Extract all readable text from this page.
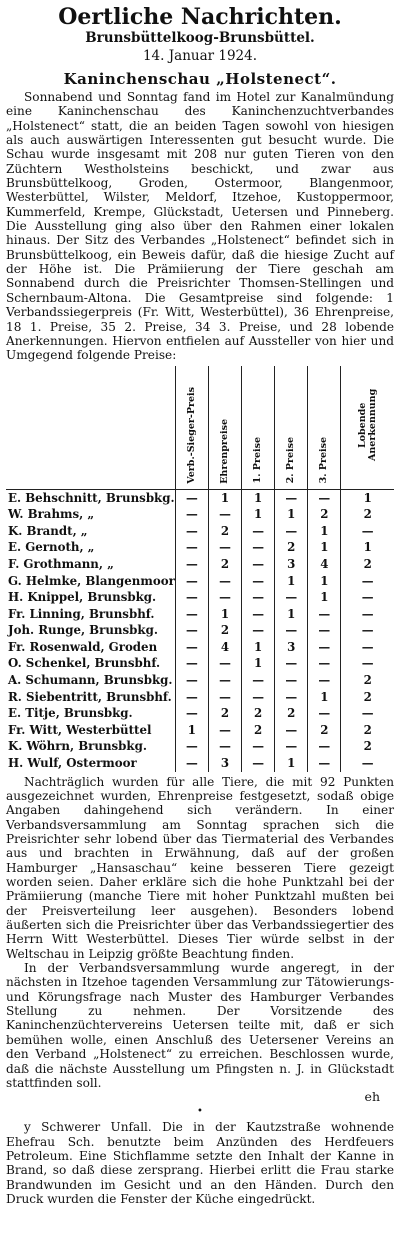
Oertliche Nachrichten.
Brunsbüttelkoog-Brunsbüttel.
14. Januar 1924.
Kaninchenschau „Holstenect“.

Sonnabend und Sonntag fand im Hotel zur Kanalmündung eine Kaninchenschau des Kaninchenzuchtverbandes „Holstenect“ statt, die an beiden Tagen sowohl von hiesigen als auch auswärtigen Interessenten gut besucht wurde. Die Schau wurde insgesamt mit 208 nur guten Tieren von den Züchtern Westholsteins beschickt, und zwar aus Brunsbüttelkoog, Groden, Ostermoor, Blangenmoor, Westerbüttel, Wilster, Meldorf, Itzehoe, Kustoppermoor, Kummerfeld, Krempe, Glückstadt, Uetersen und Pinneberg. Die Ausstellung ging also über den Rahmen einer lokalen hinaus. Der Sitz des Verbandes „Holstenect“ befindet sich in Brunsbüttelkoog, ein Beweis dafür, daß die hiesige Zucht auf der Höhe ist. Die Prämiierung der Tiere geschah am Sonnabend durch die Preisrichter Thomsen-Stellingen und Schernbaum-Altona. Die Gesamtpreise sind folgende: 1 Verbandssiegerpreis (Fr. Witt, Westerbüttel), 36 Ehrenpreise, 18 1. Preise, 35 2. Preise, 34 3. Preise, und 28 lobende Anerkennungen. Hiervon entfielen auf Aussteller von hier und Umgegend folgende Preise:

	Verb.-Sieger-Preis	Ehrenpreise	1. Preise	2. Preise	3. Preise	Lobende Anerkennung
E. Behschnitt, Brunsbkg.	—	1	1	—	—	1
W. Brahms, „	—	—	1	1	2	2
K. Brandt, „	—	2	—	—	1	—
E. Gernoth, „	—	—	—	2	1	1
F. Grothmann, „	—	2	—	3	4	2
G. Helmke, Blangenmoor	—	—	—	1	1	—
H. Knippel, Brunsbkg.	—	—	—	—	1	—
Fr. Linning, Brunsbhf.	—	1	—	1	—	—
Joh. Runge, Brunsbkg.	—	2	—	—	—	—
Fr. Rosenwald, Groden	—	4	1	3	—	—
O. Schenkel, Brunsbhf.	—	—	1	—	—	—
A. Schumann, Brunsbkg.	—	—	—	—	—	2
R. Siebentritt, Brunsbhf.	—	—	—	—	1	2
E. Titje, Brunsbkg.	—	2	2	2	—	—
Fr. Witt, Westerbüttel	1	—	2	—	2	2
K. Wöhrn, Brunsbkg.	—	—	—	—	—	2
H. Wulf, Ostermoor	—	3	—	1	—	—

Nachträglich wurden für alle Tiere, die mit 92 Punkten ausgezeichnet wurden, Ehrenpreise festgesetzt, sodaß obige Angaben dahingehend sich verändern. In einer Verbandsversammlung am Sonntag sprachen sich die Preisrichter sehr lobend über das Tiermaterial des Verbandes aus und brachten in Erwähnung, daß auf der großen Hamburger „Hansaschau“ keine besseren Tiere gezeigt worden seien. Daher erkläre sich die hohe Punktzahl bei der Prämiierung (manche Tiere mit hoher Punktzahl mußten bei der Preisverteilung leer ausgehen). Besonders lobend äußerten sich die Preisrichter über das Verbandssiegertier des Herrn Witt Westerbüttel. Dieses Tier würde selbst in der Weltschau in Leipzig größte Beachtung finden.

In der Verbandsversammlung wurde angeregt, in der nächsten in Itzehoe tagenden Versammlung zur Tätowierungs- und Körungsfrage nach Muster des Hamburger Verbandes Stellung zu nehmen. Der Vorsitzende des Kaninchenzüchtervereins Uetersen teilte mit, daß er sich bemühen wolle, einen Anschluß des Uetersener Vereins an den Verband „Holstenect“ zu erreichen. Beschlossen wurde, daß die nächste Ausstellung um Pfingsten n. J. in Glückstadt stattfinden soll.

eh
•

y Schwerer Unfall. Die in der Kautzstraße wohnende Ehefrau Sch. benutzte beim Anzünden des Herdfeuers Petroleum. Eine Stichflamme setzte den Inhalt der Kanne in Brand, so daß diese zersprang. Hierbei erlitt die Frau starke Brandwunden im Gesicht und an den Händen. Durch den Druck wurden die Fenster der Küche eingedrückt.
